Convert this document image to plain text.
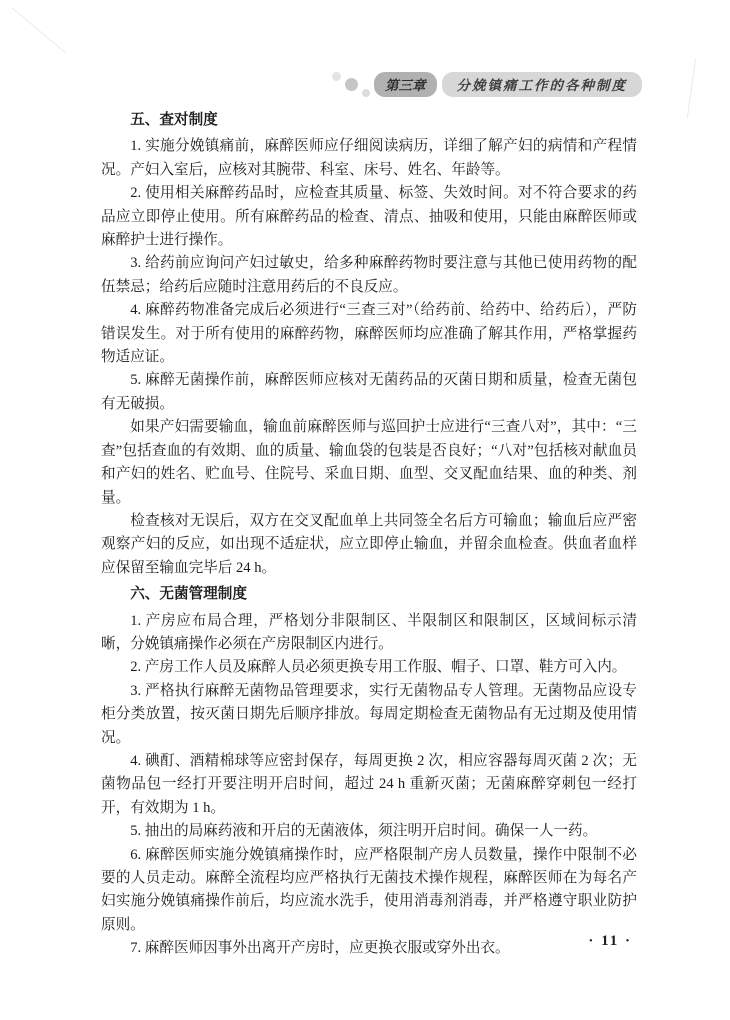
第三章	分娩镇痛工作的各种制度
五、查对制度

1. 实施分娩镇痛前，麻醉医师应仔细阅读病历，详细了解产妇的病情和产程情况。产妇入室后，应核对其腕带、科室、床号、姓名、年龄等。

2. 使用相关麻醉药品时，应检查其质量、标签、失效时间。对不符合要求的药品应立即停止使用。所有麻醉药品的检查、清点、抽吸和使用，只能由麻醉医师或麻醉护士进行操作。

3. 给药前应询问产妇过敏史，给多种麻醉药物时要注意与其他已使用药物的配伍禁忌；给药后应随时注意用药后的不良反应。

4. 麻醉药物准备完成后必须进行“三查三对”（给药前、给药中、给药后），严防错误发生。对于所有使用的麻醉药物，麻醉医师均应准确了解其作用，严格掌握药物适应证。

5. 麻醉无菌操作前，麻醉医师应核对无菌药品的灭菌日期和质量，检查无菌包有无破损。

如果产妇需要输血，输血前麻醉医师与巡回护士应进行“三查八对”，其中：“三查”包括查血的有效期、血的质量、输血袋的包装是否良好；“八对”包括核对献血员和产妇的姓名、贮血号、住院号、采血日期、血型、交叉配血结果、血的种类、剂量。

检查核对无误后，双方在交叉配血单上共同签全名后方可输血；输血后应严密观察产妇的反应，如出现不适症状，应立即停止输血，并留余血检查。供血者血样应保留至输血完毕后 24 h。

六、无菌管理制度

1. 产房应布局合理，严格划分非限制区、半限制区和限制区，区域间标示清晰，分娩镇痛操作必须在产房限制区内进行。

2. 产房工作人员及麻醉人员必须更换专用工作服、帽子、口罩、鞋方可入内。

3. 严格执行麻醉无菌物品管理要求，实行无菌物品专人管理。无菌物品应设专柜分类放置，按灭菌日期先后顺序排放。每周定期检查无菌物品有无过期及使用情况。

4. 碘酊、酒精棉球等应密封保存，每周更换 2 次，相应容器每周灭菌 2 次；无菌物品包一经打开要注明开启时间，超过 24 h 重新灭菌；无菌麻醉穿刺包一经打开，有效期为 1 h。

5. 抽出的局麻药液和开启的无菌液体，须注明开启时间。确保一人一药。

6. 麻醉医师实施分娩镇痛操作时，应严格限制产房人员数量，操作中限制不必要的人员走动。麻醉全流程均应严格执行无菌技术操作规程，麻醉医师在为每名产妇实施分娩镇痛操作前后，均应流水洗手，使用消毒剂消毒，并严格遵守职业防护原则。

7. 麻醉医师因事外出离开产房时，应更换衣服或穿外出衣。	· 11 ·
